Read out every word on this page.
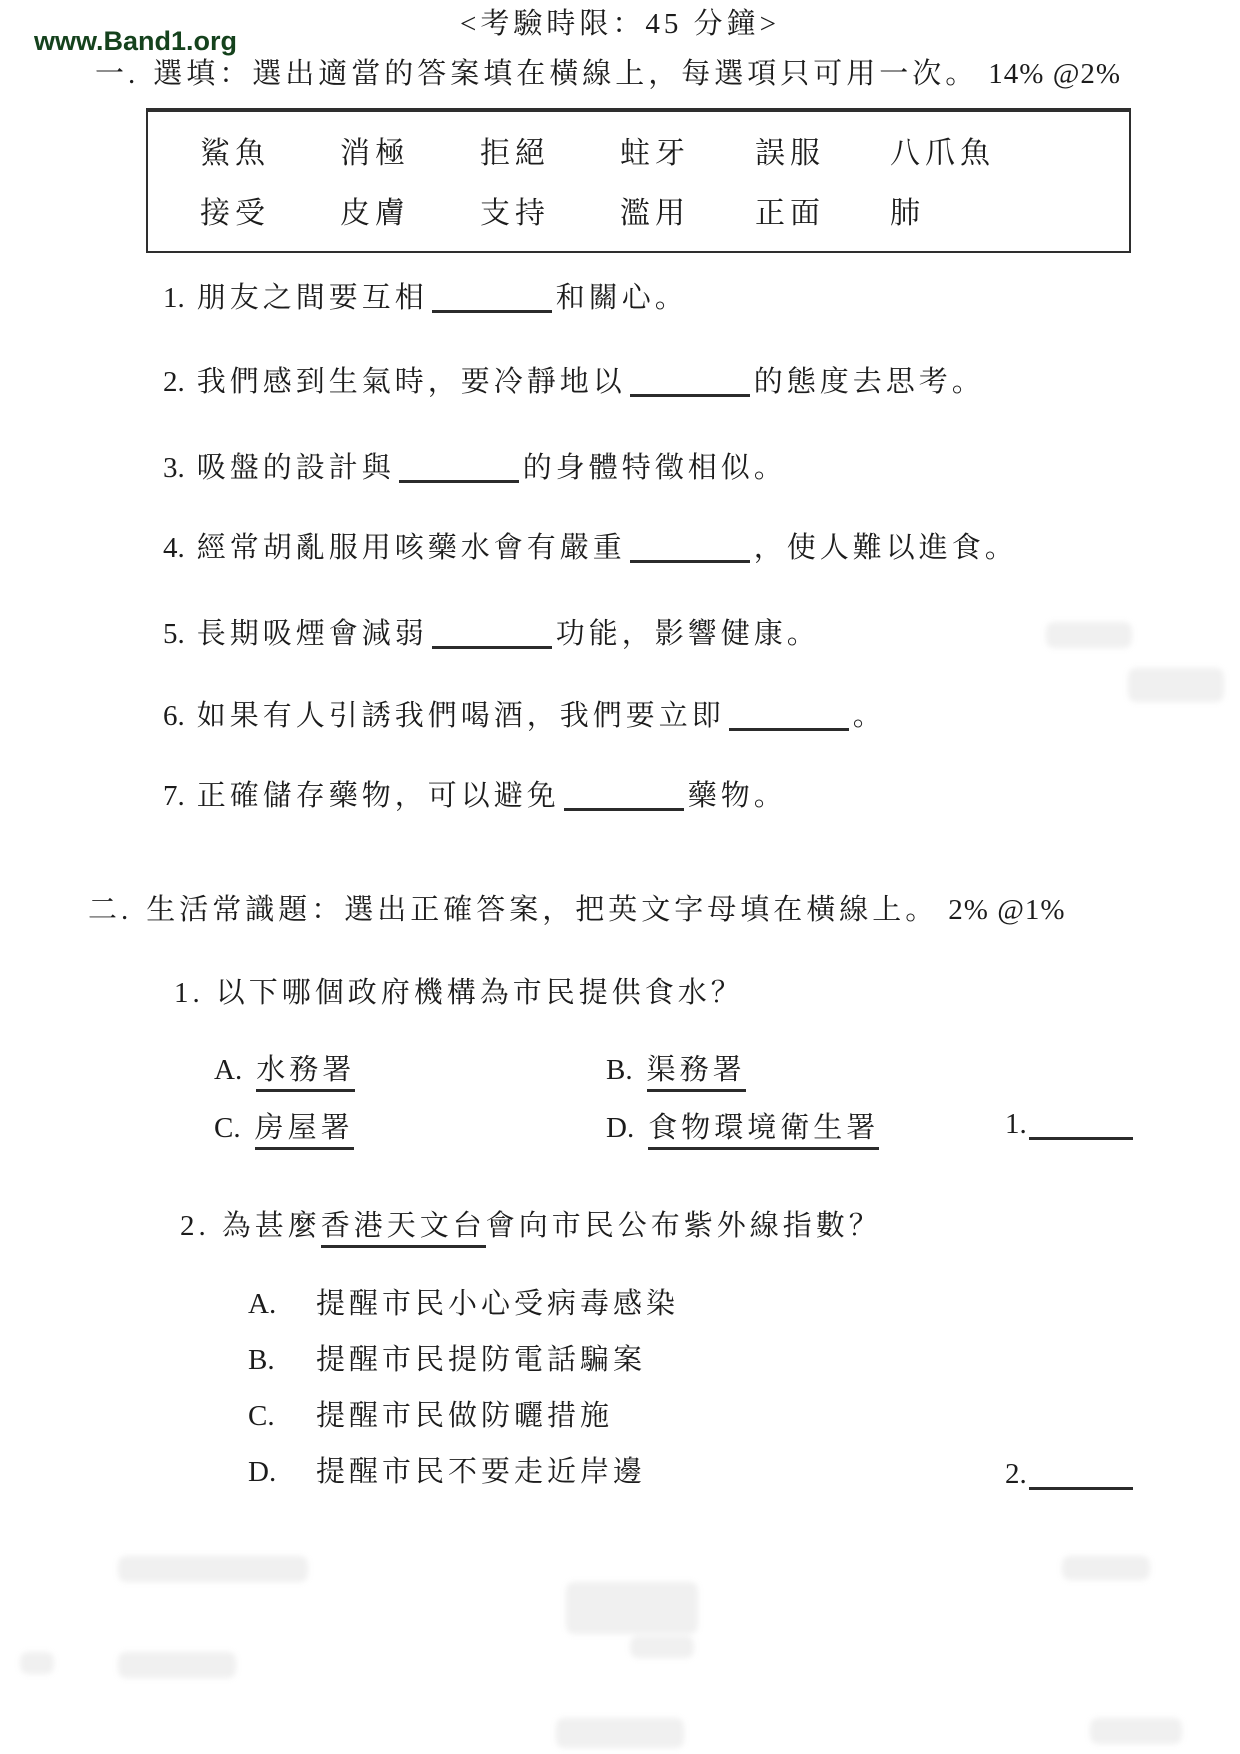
www.Band1.org
<考驗時限：45 分鐘>
一. 選填：選出適當的答案填在橫線上，每選項只可用一次。 14% @2%
鯊魚	消極	拒絕	蛀牙	誤服	八爪魚
接受	皮膚	支持	濫用	正面	肺
1. 朋友之間要互相	和關心。
2. 我們感到生氣時，要冷靜地以	的態度去思考。
3. 吸盤的設計與	的身體特徵相似。
4. 經常胡亂服用咳藥水會有嚴重	，使人難以進食。
5. 長期吸煙會減弱	功能，影響健康。
6. 如果有人引誘我們喝酒，我們要立即	。
7. 正確儲存藥物，可以避免	藥物。
二. 生活常識題：選出正確答案，把英文字母填在橫線上。 2% @1%
1. 以下哪個政府機構為市民提供食水？
A. 水務署	B. 渠務署
C. 房屋署	D. 食物環境衛生署	1.
2. 為甚麼香港天文台會向市民公布紫外線指數？
A. 提醒市民小心受病毒感染
B. 提醒市民提防電話騙案
C. 提醒市民做防曬措施
D. 提醒市民不要走近岸邊	2.
